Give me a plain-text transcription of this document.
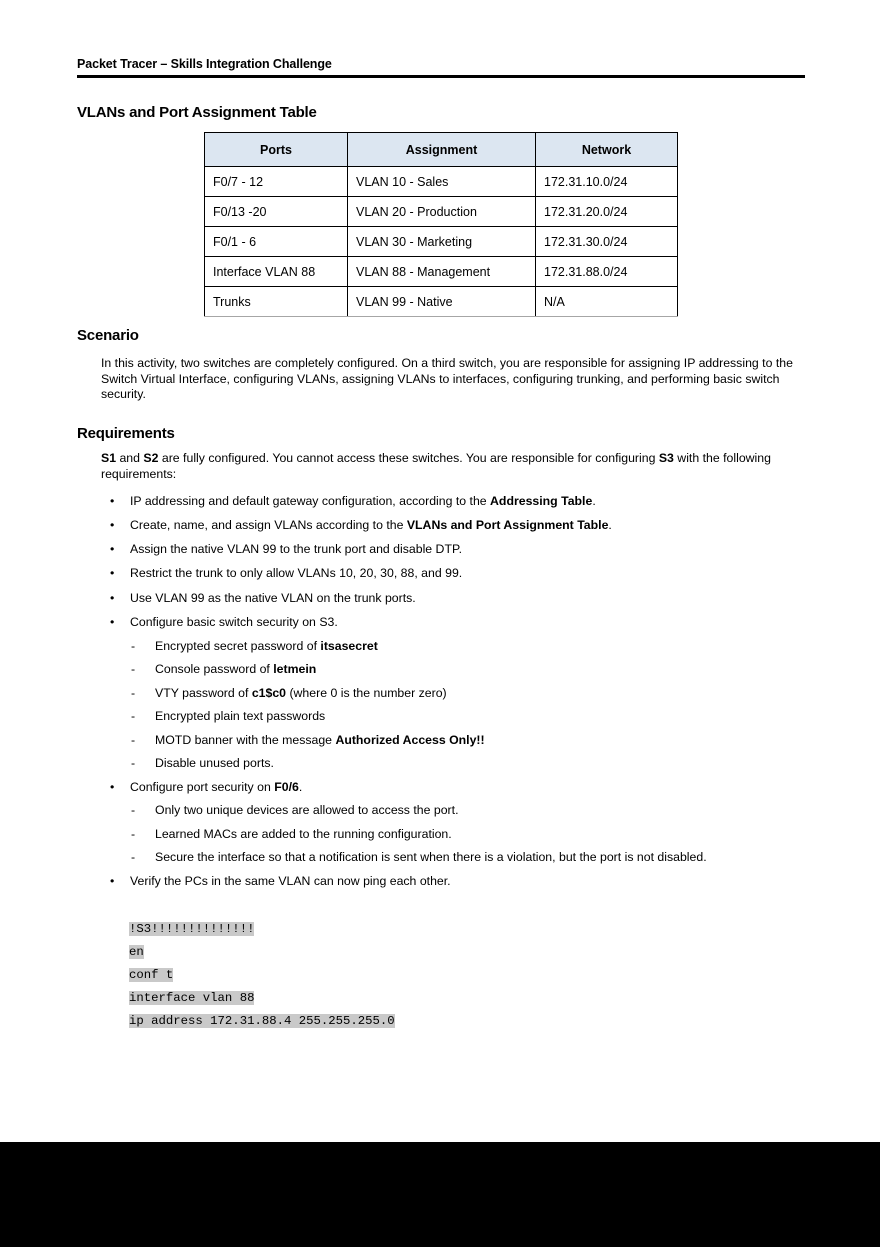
Packet Tracer – Skills Integration Challenge
VLANs and Port Assignment Table
Ports	Assignment	Network
F0/7 - 12	VLAN 10 - Sales	172.31.10.0/24
F0/13 -20	VLAN 20 - Production	172.31.20.0/24
F0/1 - 6	VLAN 30 - Marketing	172.31.30.0/24
Interface VLAN 88	VLAN 88 - Management	172.31.88.0/24
Trunks	VLAN 99 - Native	N/A
Scenario
In this activity, two switches are completely configured. On a third switch, you are responsible for assigning IP addressing to the Switch Virtual Interface, configuring VLANs, assigning VLANs to interfaces, configuring trunking, and performing basic switch security.
Requirements
S1 and S2 are fully configured. You cannot access these switches. You are responsible for configuring S3 with the following requirements:
•	IP addressing and default gateway configuration, according to the Addressing Table.
•	Create, name, and assign VLANs according to the VLANs and Port Assignment Table.
•	Assign the native VLAN 99 to the trunk port and disable DTP.
•	Restrict the trunk to only allow VLANs 10, 20, 30, 88, and 99.
•	Use VLAN 99 as the native VLAN on the trunk ports.
•	Configure basic switch security on S3.
-	Encrypted secret password of itsasecret
-	Console password of letmein
-	VTY password of c1$c0 (where 0 is the number zero)
-	Encrypted plain text passwords
-	MOTD banner with the message Authorized Access Only!!
-	Disable unused ports.
•	Configure port security on F0/6.
-	Only two unique devices are allowed to access the port.
-	Learned MACs are added to the running configuration.
-	Secure the interface so that a notification is sent when there is a violation, but the port is not disabled.
•	Verify the PCs in the same VLAN can now ping each other.
!S3!!!!!!!!!!!!!!
en
conf t
interface vlan 88
ip address 172.31.88.4 255.255.255.0
